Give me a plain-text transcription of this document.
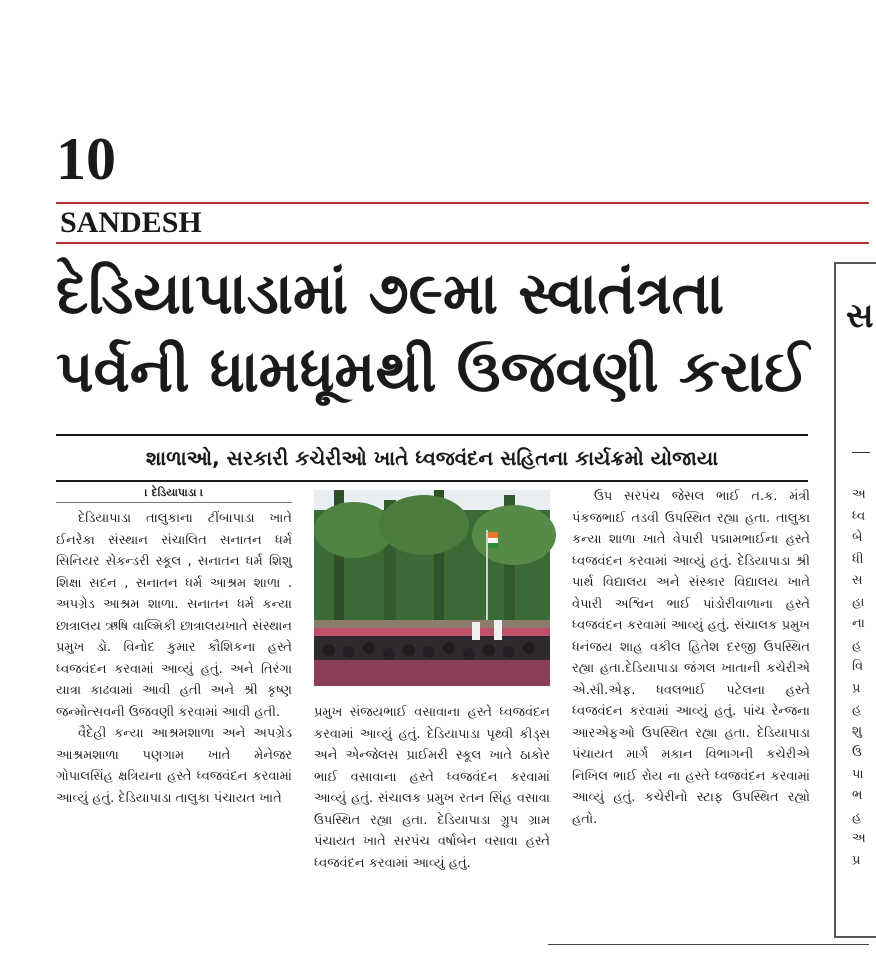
10
SANDESH
દેડિયાપાડામાં ૭૯મા સ્વાતંત્રતા
પર્વની ધામધૂમથી ઉજવણી કરાઈ
શાળાઓ, સરકારી કચેરીઓ ખાતે ધ્વજવંદન સહિતના કાર્યક્રમો યોજાયા
। દેડિયાપાડા ।

દેડિયાપાડા તાલુકાના ટીંબાપાડા ખાતે ઈનરેકા સંસ્થાન સંચાલિત સનાતન ધર્મ સિનિયર સેકન્ડરી સ્કૂલ , સનાતન ધર્મ શિશુ શિક્ષા સદન , સનાતન ધર્મ આશ્રમ શાળા . અપગ્રેડ આશ્રમ શાળા. સનાતન ધર્મ કન્યા છાત્રાલય ઋષિ વાલ્મિકી છાત્રાલયખાતે સંસ્થાન પ્રમુખ ડો. વિનોદ કુમાર કૌશિકના હસ્તે ધ્વજવંદન કરવામાં આવ્યું હતું. અને તિરંગા યાત્રા કાઢવામાં આવી હતી અને શ્રી કૃષ્ણ જન્મોત્સવની ઉજવણી કરવામાં આવી હતી.

વૈદેહી કન્યા આશ્રમશાળા અને અપગ્રેડ આશ્રમશાળા પણગામ ખાતે મેનેજર ગોપાલસિંહ ક્ષત્રિયના હસ્તે ધ્વજવંદન કરવામાં આવ્યું હતું. દેડિયાપાડા તાલુકા પંચાયત ખાતે

પ્રમુખ સંજયભાઈ વસાવાના હસ્તે ધ્વજવંદન કરવામાં આવ્યું હતું. દેડિયાપાડા પૃથ્વી કીડ્સ અને એન્જેલસ પ્રાઈમરી સ્કૂલ ખાતે ઠાકોર ભાઈ વસાવાના હસ્તે ધ્વજવંદન કરવામાં આવ્યું હતું. સંચાલક પ્રમુખ રતન સિંહ વસાવા ઉપસ્થિત રહ્યા હતા. દેડિયાપાડા ગ્રુપ ગ્રામ પંચાયત ખાતે સરપંચ વર્ષાબેન વસાવા હસ્તે ધ્વજવંદન કરવામાં આવ્યું હતું.

ઉપ સરપંચ જેસલ ભાઈ ત.ક. મંત્રી પંકજભાઈ તડવી ઉપસ્થિત રહ્યા હતા. તાલુકા કન્યા શાળા ખાતે વેપારી પદ્મામભાઈના હસ્તે ધ્વજવંદન કરવામાં આવ્યું હતું. દેડિયાપાડા શ્રી પાર્થ વિદ્યાલય અને સંસ્કાર વિદ્યાલય ખાતે વેપારી અશ્વિન ભાઈ પાંડોરીવાળાના હસ્તે ધ્વજવંદન કરવામાં આવ્યું હતું. સંચાલક પ્રમુખ ધનંજય શાહ વકીલ હિતેશ દરજી ઉપસ્થિત રહ્યા હતા.દેડિયાપાડા જંગલ ખાતાની કચેરીએ એ.સી.એફ. ધવલભાઈ પટેલના હસ્તે ધ્વજવંદન કરવામાં આવ્યું હતું. પાંચ રેન્જના આરએફઓ ઉપસ્થિત રહ્યા હતા. દેડિયાપાડા પંચાયત માર્ગ મકાન વિભાગની કચેરીએ નિખિલ ભાઈ રોય ના હસ્તે ધ્વજવંદન કરવામાં આવ્યું હતું. કચેરીનો સ્ટાફ ઉપસ્થિત રહ્યો હતો.

સ
અ
ધ્વ
બે
ધી
સ
હા
ના
હ
વિ
પ્ર
હ
શુ
ઉ
પા
ભ
હ
અ
પ્ર
